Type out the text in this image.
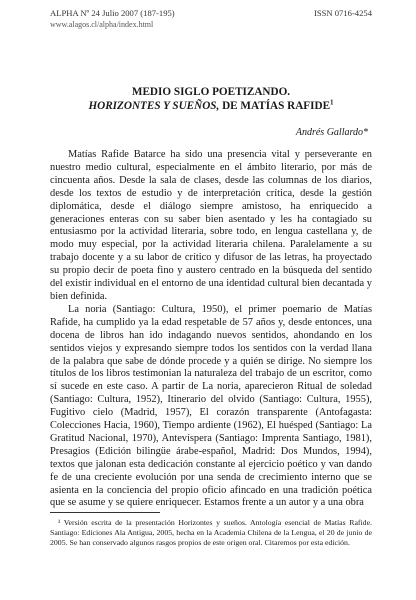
ALPHA Nº 24 Julio 2007 (187-195)	ISSN 0716-4254
www.alagos.cl/alpha/index.html
MEDIO SIGLO POETIZANDO.
HORIZONTES Y SUEÑOS, DE MATÍAS RAFIDE$^1$
Andrés Gallardo*

Matías Rafide Batarce ha sido una presencia vital y perseverante en nuestro medio cultural, especialmente en el ámbito literario, por más de cincuenta años. Desde la sala de clases, desde las columnas de los diarios, desde los textos de estudio y de interpretación crítica, desde la gestión diplomática, desde el diálogo siempre amistoso, ha enriquecido a generaciones enteras con su saber bien asentado y les ha contagiado su entusiasmo por la actividad literaria, sobre todo, en lengua castellana y, de modo muy especial, por la actividad literaria chilena. Paralelamente a su trabajo docente y a su labor de crítico y difusor de las letras, ha proyectado su propio decir de poeta fino y austero centrado en la búsqueda del sentido del existir individual en el entorno de una identidad cultural bien decantada y bien definida.

La noria (Santiago: Cultura, 1950), el primer poemario de Matías Rafide, ha cumplido ya la edad respetable de 57 años y, desde entonces, una docena de libros han ido indagando nuevos sentidos, ahondando en los sentidos viejos y expresando siempre todos los sentidos con la verdad llana de la palabra que sabe de dónde procede y a quién se dirige. No siempre los títulos de los libros testimonian la naturaleza del trabajo de un escritor, como sí sucede en este caso. A partir de La noria, aparecieron Ritual de soledad (Santiago: Cultura, 1952), Itinerario del olvido (Santiago: Cultura, 1955), Fugitivo cielo (Madrid, 1957), El corazón transparente (Antofagasta: Colecciones Hacia, 1960), Tiempo ardiente (1962), El huésped (Santiago: La Gratitud Nacional, 1970), Antevíspera (Santiago: Imprenta Santiago, 1981), Presagios (Edición bilingüe árabe-español, Madrid: Dos Mundos, 1994), textos que jalonan esta dedicación constante al ejercicio poético y van dando fe de una creciente evolución por una senda de crecimiento interno que se asienta en la conciencia del propio oficio afincado en una tradición poética que se asume y se quiere enriquecer. Estamos frente a un autor y a una obra

¹ Versión escrita de la presentación Horizontes y sueños. Antología esencial de Matías Rafide. Santiago: Ediciones Ala Antigua, 2005, hecha en la Academia Chilena de la Lengua, el 20 de junio de 2005. Se han conservado algunos rasgos propios de este origen oral. Citaremos por esta edición.
